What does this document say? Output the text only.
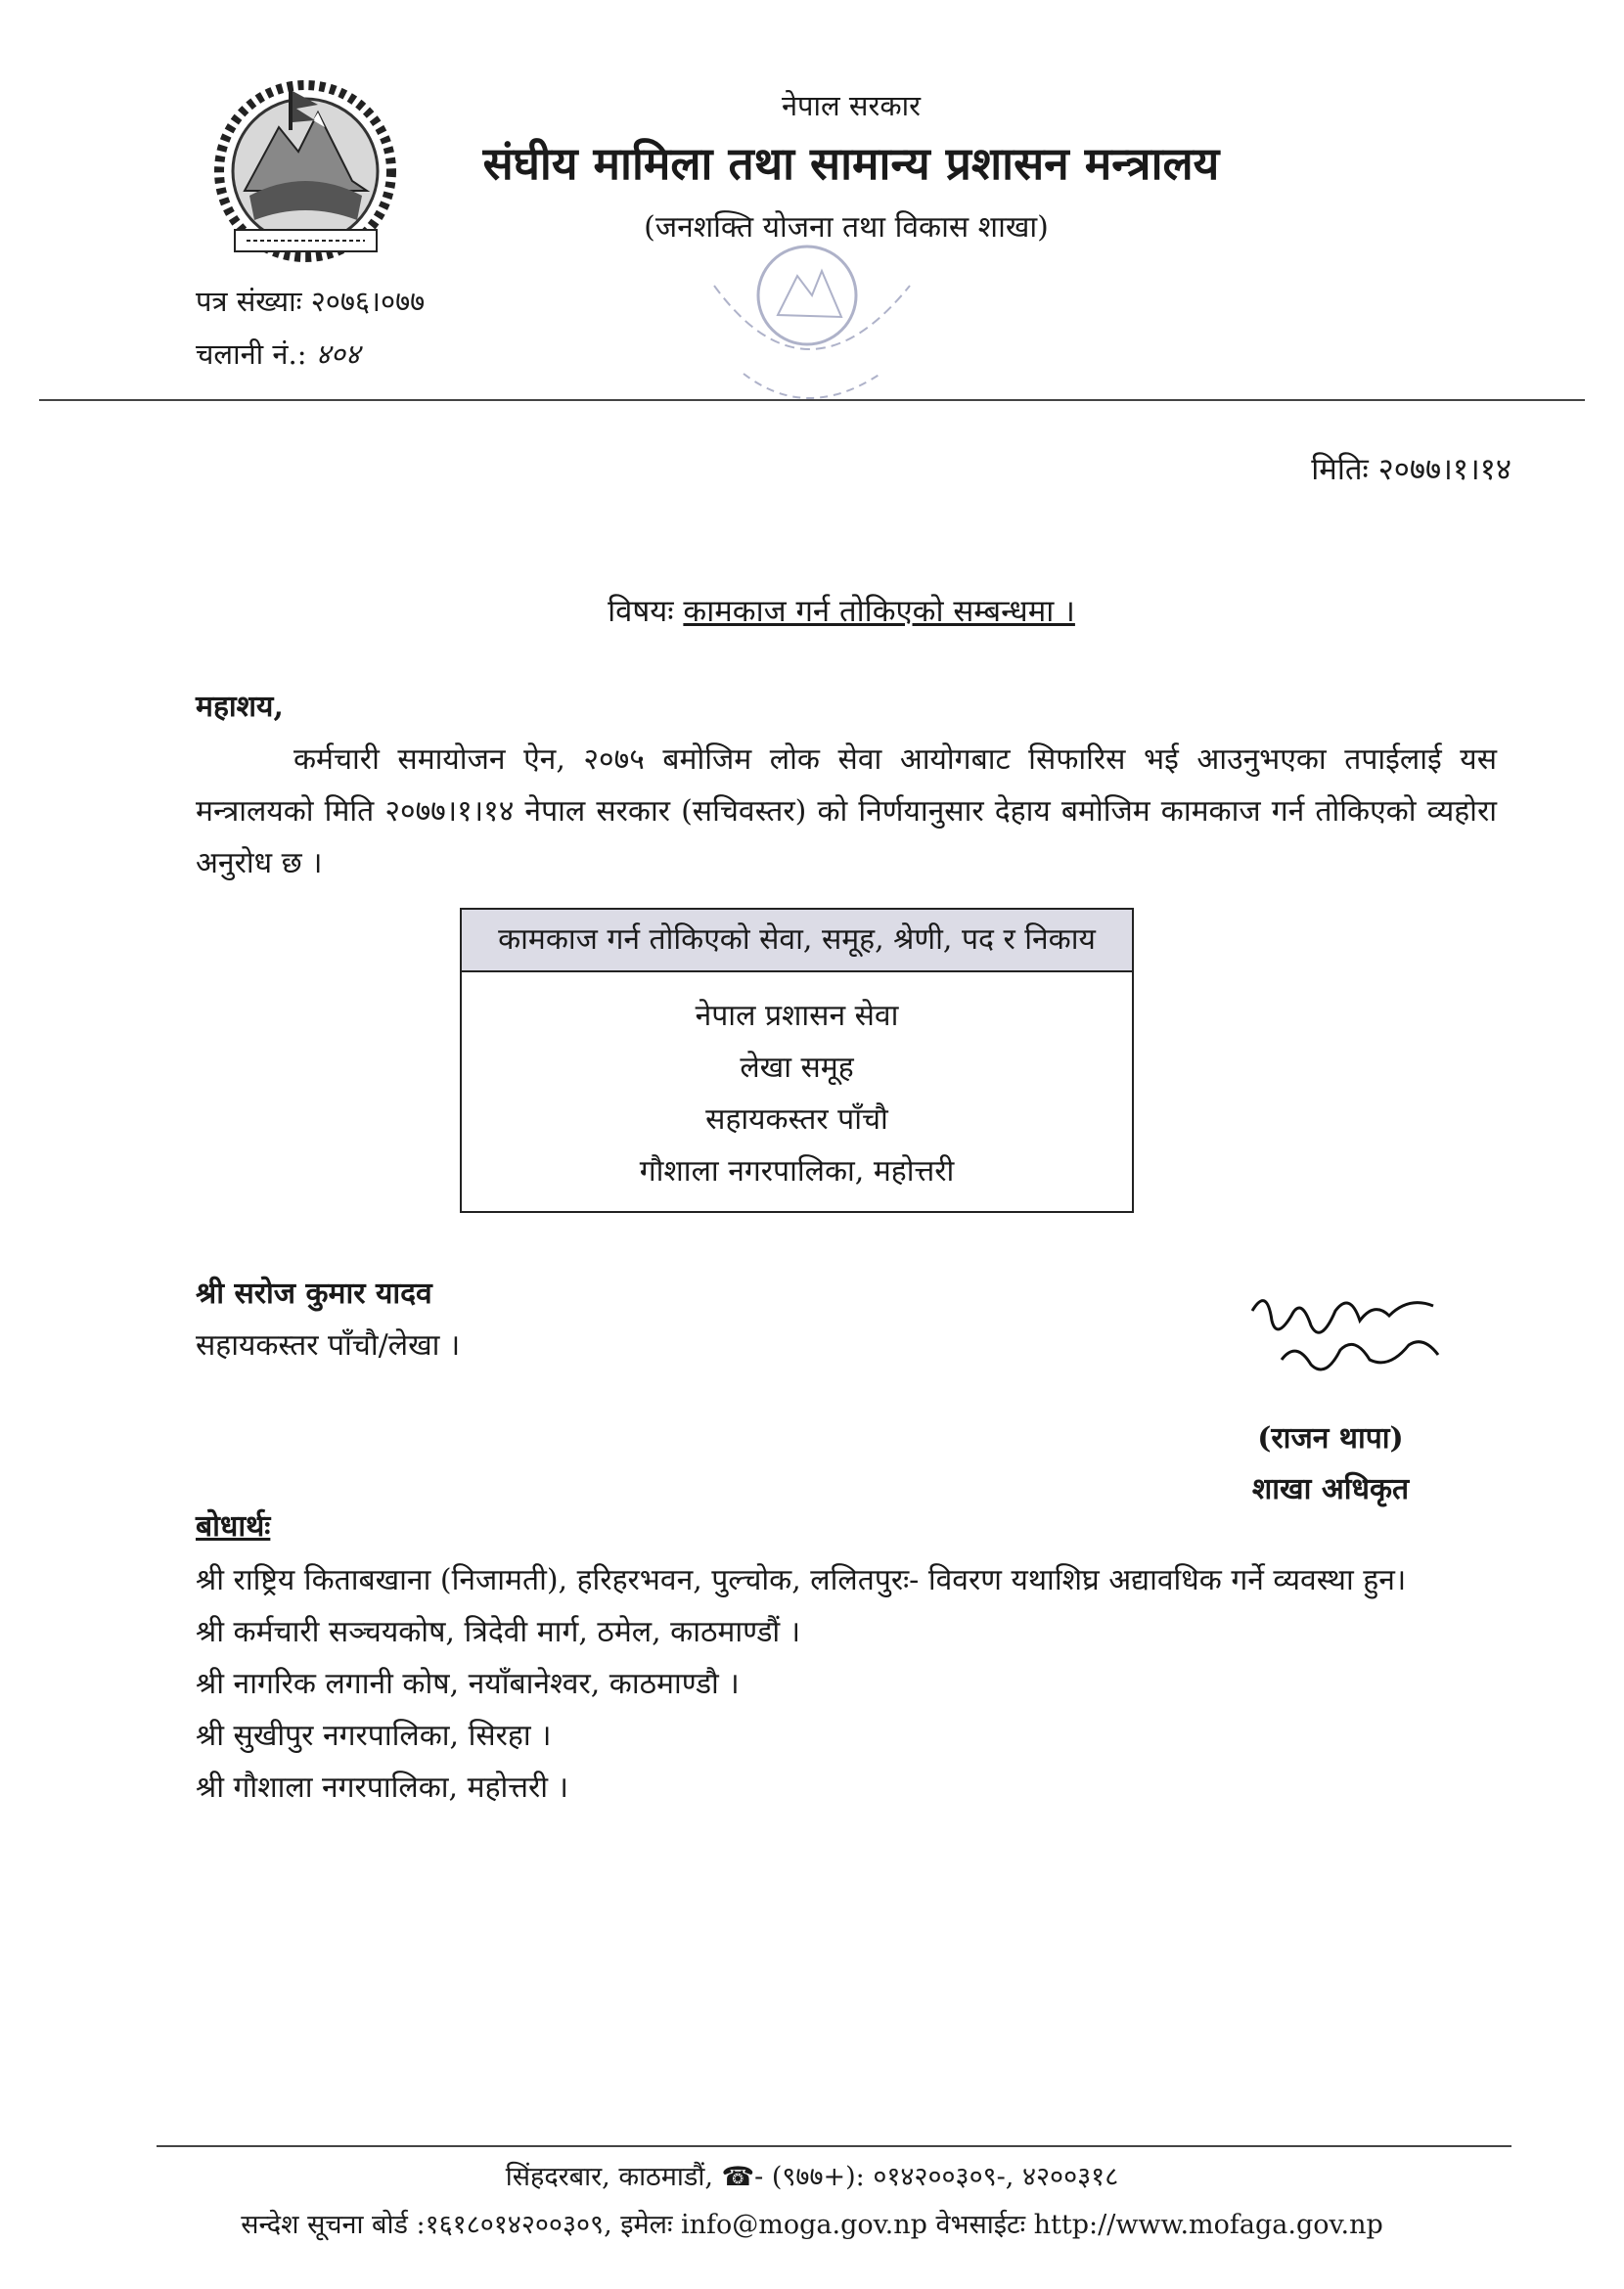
नेपाल सरकार
संघीय मामिला तथा सामान्य प्रशासन मन्त्रालय
(जनशक्ति योजना तथा विकास शाखा)
पत्र संख्याः २०७६।०७७
चलानी नं.: ४०४
मितिः २०७७।१।१४
विषयः कामकाज गर्न तोकिएको सम्बन्धमा ।
महाशय,
कर्मचारी समायोजन ऐन, २०७५ बमोजिम लोक सेवा आयोगबाट सिफारिस भई आउनुभएका तपाईलाई यस मन्त्रालयको मिति २०७७।१।१४ नेपाल सरकार (सचिवस्तर) को निर्णयानुसार देहाय बमोजिम कामकाज गर्न तोकिएको व्यहोरा अनुरोध छ ।
कामकाज गर्न तोकिएको सेवा, समूह, श्रेणी, पद र निकाय
नेपाल प्रशासन सेवा
लेखा समूह
सहायकस्तर पाँचौ
गौशाला नगरपालिका, महोत्तरी
श्री सरोज कुमार यादव
सहायकस्तर पाँचौ/लेखा ।
(राजन थापा)
शाखा अधिकृत
बोधार्थः
श्री राष्ट्रिय किताबखाना (निजामती), हरिहरभवन, पुल्चोक, ललितपुरः- विवरण यथाशिघ्र अद्यावधिक गर्ने व्यवस्था हुन।
श्री कर्मचारी सञ्चयकोष, त्रिदेवी मार्ग, ठमेल, काठमाण्डौं ।
श्री नागरिक लगानी कोष, नयाँबानेश्वर, काठमाण्डौ ।
श्री सुखीपुर नगरपालिका, सिरहा ।
श्री गौशाला नगरपालिका, महोत्तरी ।
सिंहदरबार, काठमाडौं, ☎- (९७७+): ०१४२००३०९-, ४२००३१८
सन्देश सूचना बोर्ड :१६१८०१४२००३०९, इमेलः info@moga.gov.np वेभसाईटः http://www.mofaga.gov.np
